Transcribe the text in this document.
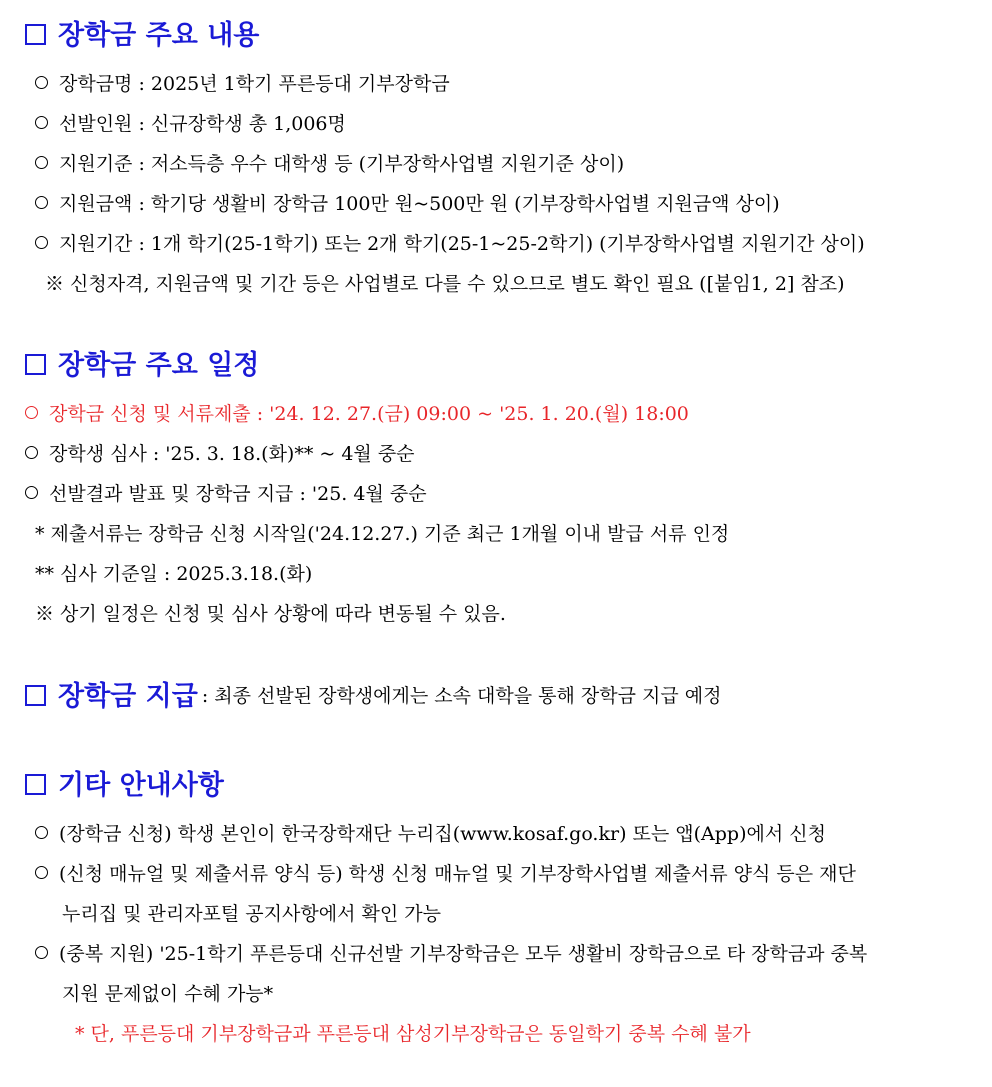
장학금 주요 내용
장학금명 : 2025년 1학기 푸른등대 기부장학금
선발인원 : 신규장학생 총 1,006명
지원기준 : 저소득층 우수 대학생 등 (기부장학사업별 지원기준 상이)
지원금액 : 학기당 생활비 장학금 100만 원~500만 원 (기부장학사업별 지원금액 상이)
지원기간 : 1개 학기(25-1학기) 또는 2개 학기(25-1~25-2학기) (기부장학사업별 지원기간 상이)
※ 신청자격, 지원금액 및 기간 등은 사업별로 다를 수 있으므로 별도 확인 필요 ([붙임1, 2] 참조)
장학금 주요 일정
장학금 신청 및 서류제출 : '24. 12. 27.(금) 09:00 ~ '25. 1. 20.(월) 18:00
장학생 심사 : '25. 3. 18.(화)** ~ 4월 중순
선발결과 발표 및 장학금 지급 : '25. 4월 중순
* 제출서류는 장학금 신청 시작일('24.12.27.) 기준 최근 1개월 이내 발급 서류 인정
** 심사 기준일 : 2025.3.18.(화)
※ 상기 일정은 신청 및 심사 상황에 따라 변동될 수 있음.
장학금 지급 : 최종 선발된 장학생에게는 소속 대학을 통해 장학금 지급 예정
기타 안내사항
(장학금 신청) 학생 본인이 한국장학재단 누리집(www.kosaf.go.kr) 또는 앱(App)에서 신청
(신청 매뉴얼 및 제출서류 양식 등) 학생 신청 매뉴얼 및 기부장학사업별 제출서류 양식 등은 재단
누리집 및 관리자포털 공지사항에서 확인 가능
(중복 지원) '25-1학기 푸른등대 신규선발 기부장학금은 모두 생활비 장학금으로 타 장학금과 중복
지원 문제없이 수혜 가능*
* 단, 푸른등대 기부장학금과 푸른등대 삼성기부장학금은 동일학기 중복 수혜 불가
